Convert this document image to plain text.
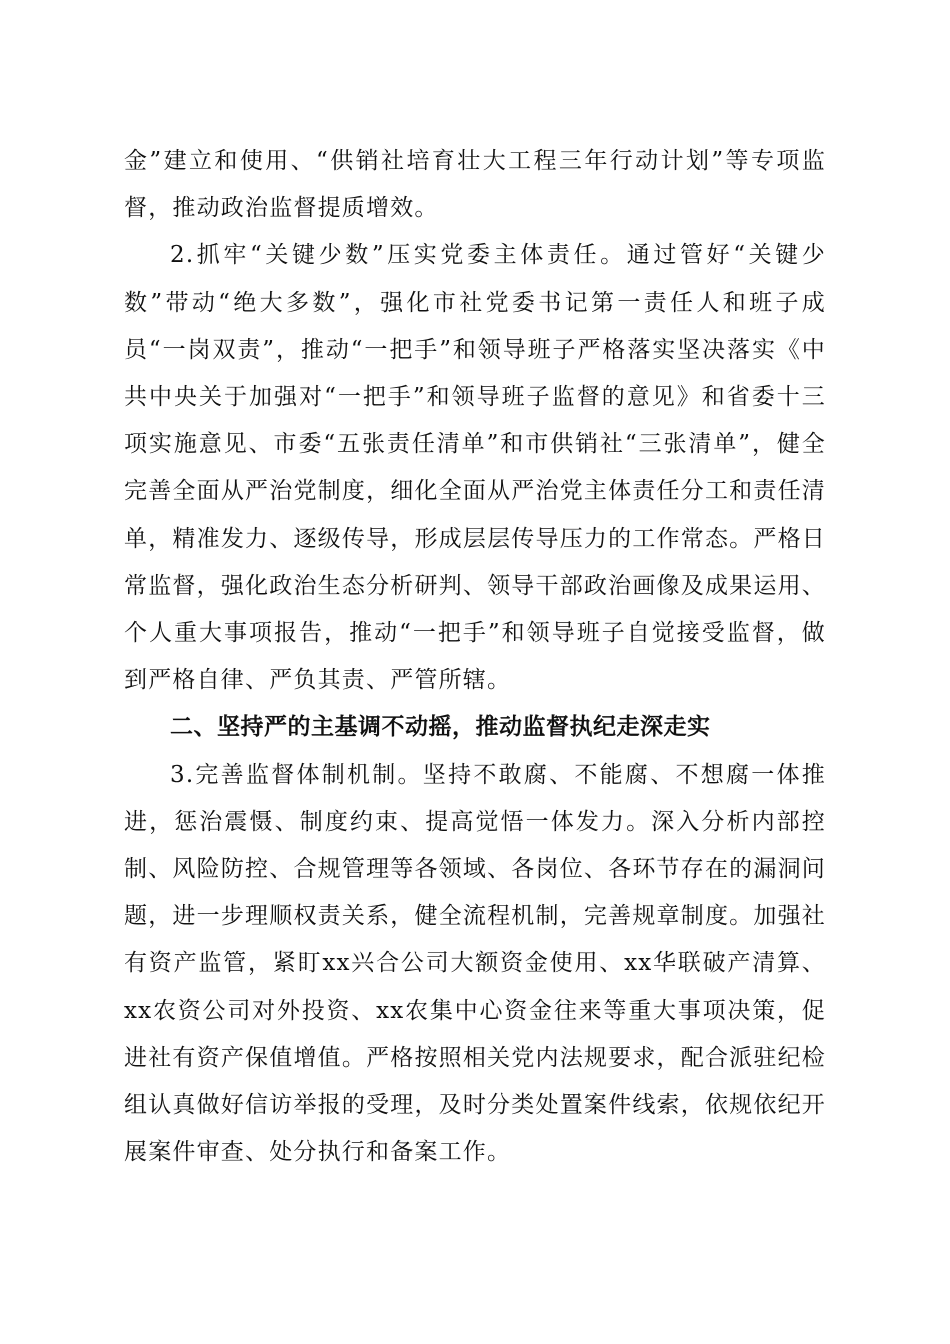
金”建立和使用、“供销社培育壮大工程三年行动计划”等专项监督，推动政治监督提质增效。

2.抓牢“关键少数”压实党委主体责任。通过管好“关键少数”带动“绝大多数”，强化市社党委书记第一责任人和班子成员“一岗双责”，推动“一把手”和领导班子严格落实坚决落实《中共中央关于加强对“一把手”和领导班子监督的意见》和省委十三项实施意见、市委“五张责任清单”和市供销社“三张清单”，健全完善全面从严治党制度，细化全面从严治党主体责任分工和责任清单，精准发力、逐级传导，形成层层传导压力的工作常态。严格日常监督，强化政治生态分析研判、领导干部政治画像及成果运用、个人重大事项报告，推动“一把手”和领导班子自觉接受监督，做到严格自律、严负其责、严管所辖。

二、坚持严的主基调不动摇，推动监督执纪走深走实

3.完善监督体制机制。坚持不敢腐、不能腐、不想腐一体推进，惩治震慑、制度约束、提高觉悟一体发力。深入分析内部控制、风险防控、合规管理等各领域、各岗位、各环节存在的漏洞问题，进一步理顺权责关系，健全流程机制，完善规章制度。加强社有资产监管，紧盯xx兴合公司大额资金使用、xx华联破产清算、xx农资公司对外投资、xx农集中心资金往来等重大事项决策，促进社有资产保值增值。严格按照相关党内法规要求，配合派驻纪检组认真做好信访举报的受理，及时分类处置案件线索，依规依纪开展案件审查、处分执行和备案工作。
